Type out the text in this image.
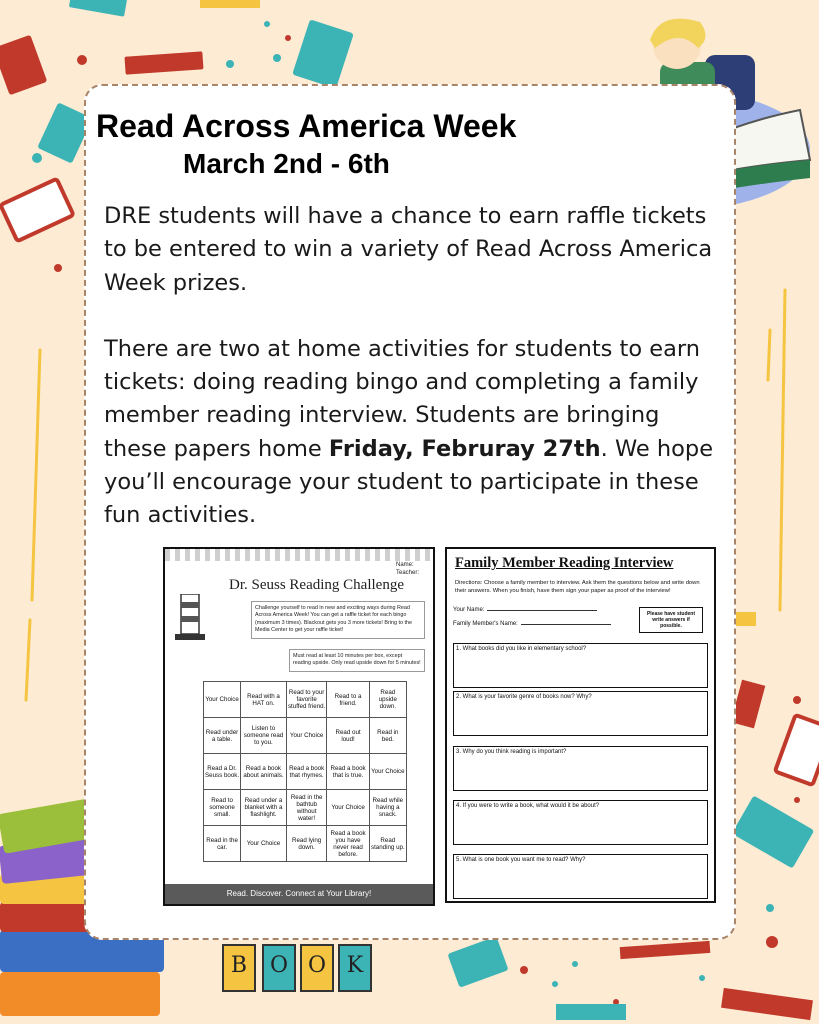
Read Across America Week
March 2nd - 6th

DRE students will have a chance to earn raffle tickets to be entered to win a variety of Read Across America Week prizes.

There are two at home activities for students to earn tickets: doing reading bingo and completing a family member reading interview. Students are bringing these papers home Friday, Februray 27th. We hope you’ll encourage your student to participate in these fun activities.

Name:
Teacher:
Dr. Seuss Reading Challenge
Challenge yourself to read in new and exciting ways during Read Across America Week! You can get a raffle ticket for each bingo (maximum 3 times). Blackout gets you 3 more tickets! Bring to the Media Center to get your raffle ticket!
Must read at least 10 minutes per box, except reading upside. Only read upside down for 5 minutes!
Your Choice	Read with a HAT on.	Read to your favorite stuffed friend.	Read to a friend.	Read upside down.
Read under a table.	Listen to someone read to you.	Your Choice	Read out loud!	Read in bed.
Read a Dr. Seuss book.	Read a book about animals.	Read a book that rhymes.	Read a book that is true.	Your Choice
Read to someone small.	Read under a blanket with a flashlight.	Read in the bathtub without water!	Your Choice	Read while having a snack.
Read in the car.	Your Choice	Read lying down.	Read a book you have never read before.	Read standing up.
Read. Discover. Connect at Your Library!
Family Member Reading Interview
Directions: Choose a family member to interview. Ask them the questions below and write down their answers. When you finish, have them sign your paper as proof of the interview!
Your Name:
Family Member's Name:
Please have student write answers if possible.
1. What books did you like in elementary school?
2. What is your favorite genre of books now? Why?
3. Why do you think reading is important?
4. If you were to write a book, what would it be about?
5. What is one book you want me to read? Why?
B	O O K
